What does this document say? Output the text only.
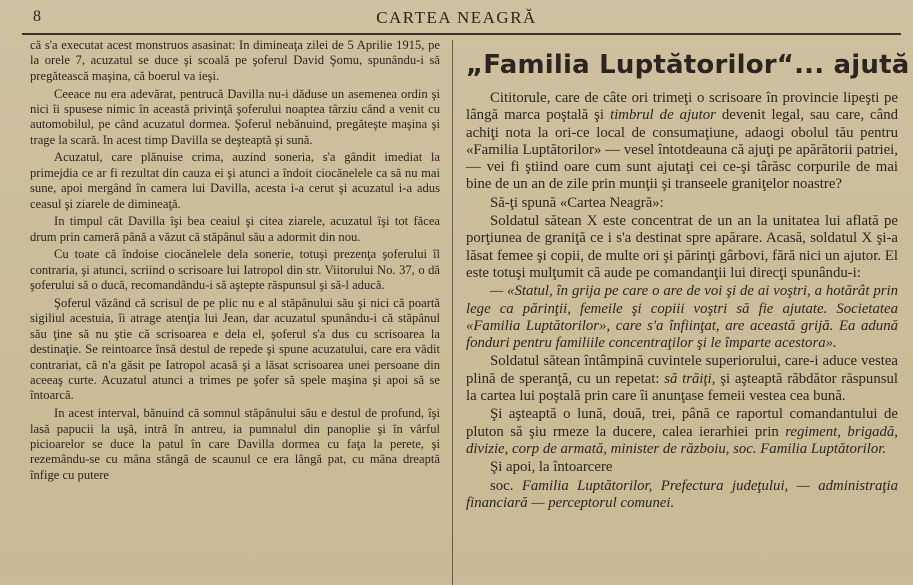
8	CARTEA NEAGRĂ

că s'a executat acest monstruos asasinat: In dimineaţa zilei de 5 Aprilie 1915, pe la orele 7, acuzatul se duce şi scoală pe şoferul David Şomu, spunându-i să pregătească maşina, că boerul va ieşi.

Ceeace nu era adevărat, pentrucă Davilla nu-i dăduse un asemenea ordin şi nici îi spusese nimic în această privinţă şoferului noaptea târziu când a venit cu automobilul, pe când acuzatul dormea. Şoferul nebănuind, pregăteşte maşina şi trage la scară. In acest timp Davilla se deşteaptă şi sună.

Acuzatul, care plănuise crima, auzind soneria, s'a gândit imediat la primejdia ce ar fi rezultat din cauza ei şi atunci a îndoit ciocănelele ca să nu mai sune, apoi mergând în camera lui Davilla, acesta i-a cerut şi acuzatul i-a adus ceasul şi ziarele de dimineaţă.

In timpul cât Davilla îşi bea ceaiul şi citea ziarele, acuzatul îşi tot făcea drum prin cameră până a văzut că stăpânul său a adormit din nou.

Cu toate că îndoise ciocănelele dela sonerie, totuşi prezenţa şoferului îl contraria, şi atunci, scriind o scrisoare lui Iatropol din str. Viitorului No. 37, o dă şoferului să o ducă, recomandându-i să aştepte răspunsul şi să-l aducă.

Şoferul văzând că scrisul de pe plic nu e al stăpânului său şi nici că poartă sigiliul acestuia, îi atrage atenţia lui Jean, dar acuzatul spunându-i că stăpânul său ţine să nu ştie că scrisoarea e dela el, şoferul s'a dus cu scrisoarea la destinaţie. Se reintoarce însă destul de repede şi spune acuzatului, care era vădit contrariat, că n'a găsit pe Iatropol acasă şi a lăsat scrisoarea unei persoane din aceeaş curte. Acuzatul atunci a trimes pe şofer să spele maşina şi apoi să se întoarcă.

In acest interval, bănuind că somnul stăpânului său e destul de profund, îşi lasă papucii la uşă, intră în antreu, ia pumnalul din panoplie şi în vârful picioarelor se duce la patul în care Davilla dormea cu faţa la perete, şi rezemându-se cu mâna stângă de scaunul ce era lângă pat, cu mâna dreaptă înfige cu putere

„Familia Luptătorilor“... ajută

Cititorule, care de câte ori trimeţi o scrisoare în provincie lipeşti pe lângă marca poştală şi timbrul de ajutor devenit legal, sau care, când achiţi nota la ori-ce local de consumaţiune, adaogi obolul tău pentru «Familia Luptătorilor» — vesel întotdeauna că ajuţi pe apărătorii patriei, — vei fi ştiind oare cum sunt ajutaţi cei ce-şi târăsc corpurile de mai bine de un an de zile prin munţii şi transeele graniţelor noastre?

Să-ţi spună «Cartea Neagră»:

Soldatul sătean X este concentrat de un an la unitatea lui aflată pe porţiunea de graniţă ce i s'a destinat spre apărare. Acasă, soldatul X şi-a lăsat femee şi copii, de multe ori şi părinţi gârbovi, fără nici un ajutor. El este totuşi mulţumit că aude pe comandanţii lui direcţi spunându-i:

— «Statul, în grija pe care o are de voi şi de ai voştri, a hotărât prin lege ca părinţii, femeile şi copiii voştri să fie ajutate. Societatea «Familia Luptătorilor», care s'a înfiinţat, are această grijă. Ea adună fonduri pentru familiile concentraţilor şi le împarte acestora».

Soldatul sătean întâmpină cuvintele superiorului, care-i aduce vestea plină de speranţă, cu un repetat: să trăiţi, şi aşteaptă răbdător răspunsul la cartea lui poştală prin care îi anunţase femeii vestea cea bună.

Şi aşteaptă o lună, două, trei, până ce raportul comandantului de pluton să şiu rmeze la ducere, calea ierarhiei prin regiment, brigadă, divizie, corp de armată, minister de războiu, soc. Familia Luptătorilor.

Şi apoi, la întoarcere

soc. Familia Luptătorilor, Prefectura judeţului, — administraţia financiară — perceptorul comunei.
